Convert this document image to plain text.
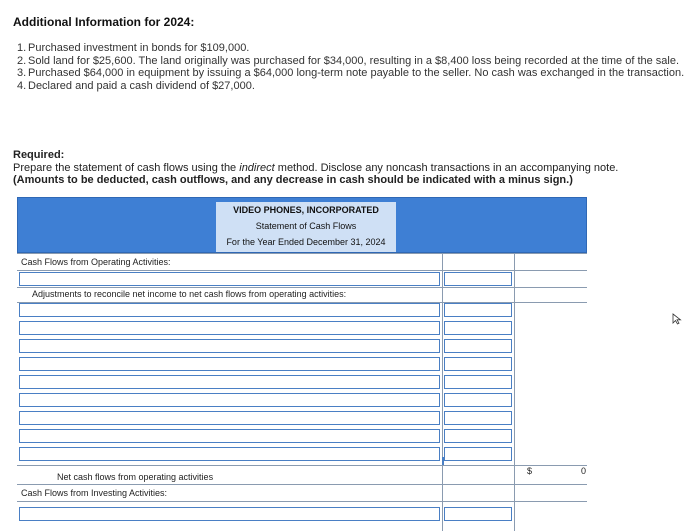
Additional Information for 2024:
1. Purchased investment in bonds for $109,000.
2. Sold land for $25,600. The land originally was purchased for $34,000, resulting in a $8,400 loss being recorded at the time of the sale.
3. Purchased $64,000 in equipment by issuing a $64,000 long-term note payable to the seller. No cash was exchanged in the transaction.
4. Declared and paid a cash dividend of $27,000.
Required:
Prepare the statement of cash flows using the indirect method. Disclose any noncash transactions in an accompanying note.
(Amounts to be deducted, cash outflows, and any decrease in cash should be indicated with a minus sign.)
VIDEO PHONES, INCORPORATED
Statement of Cash Flows
For the Year Ended December 31, 2024
Cash Flows from Operating Activities:
Adjustments to reconcile net income to net cash flows from operating activities:
Net cash flows from operating activities
$	0
Cash Flows from Investing Activities:
